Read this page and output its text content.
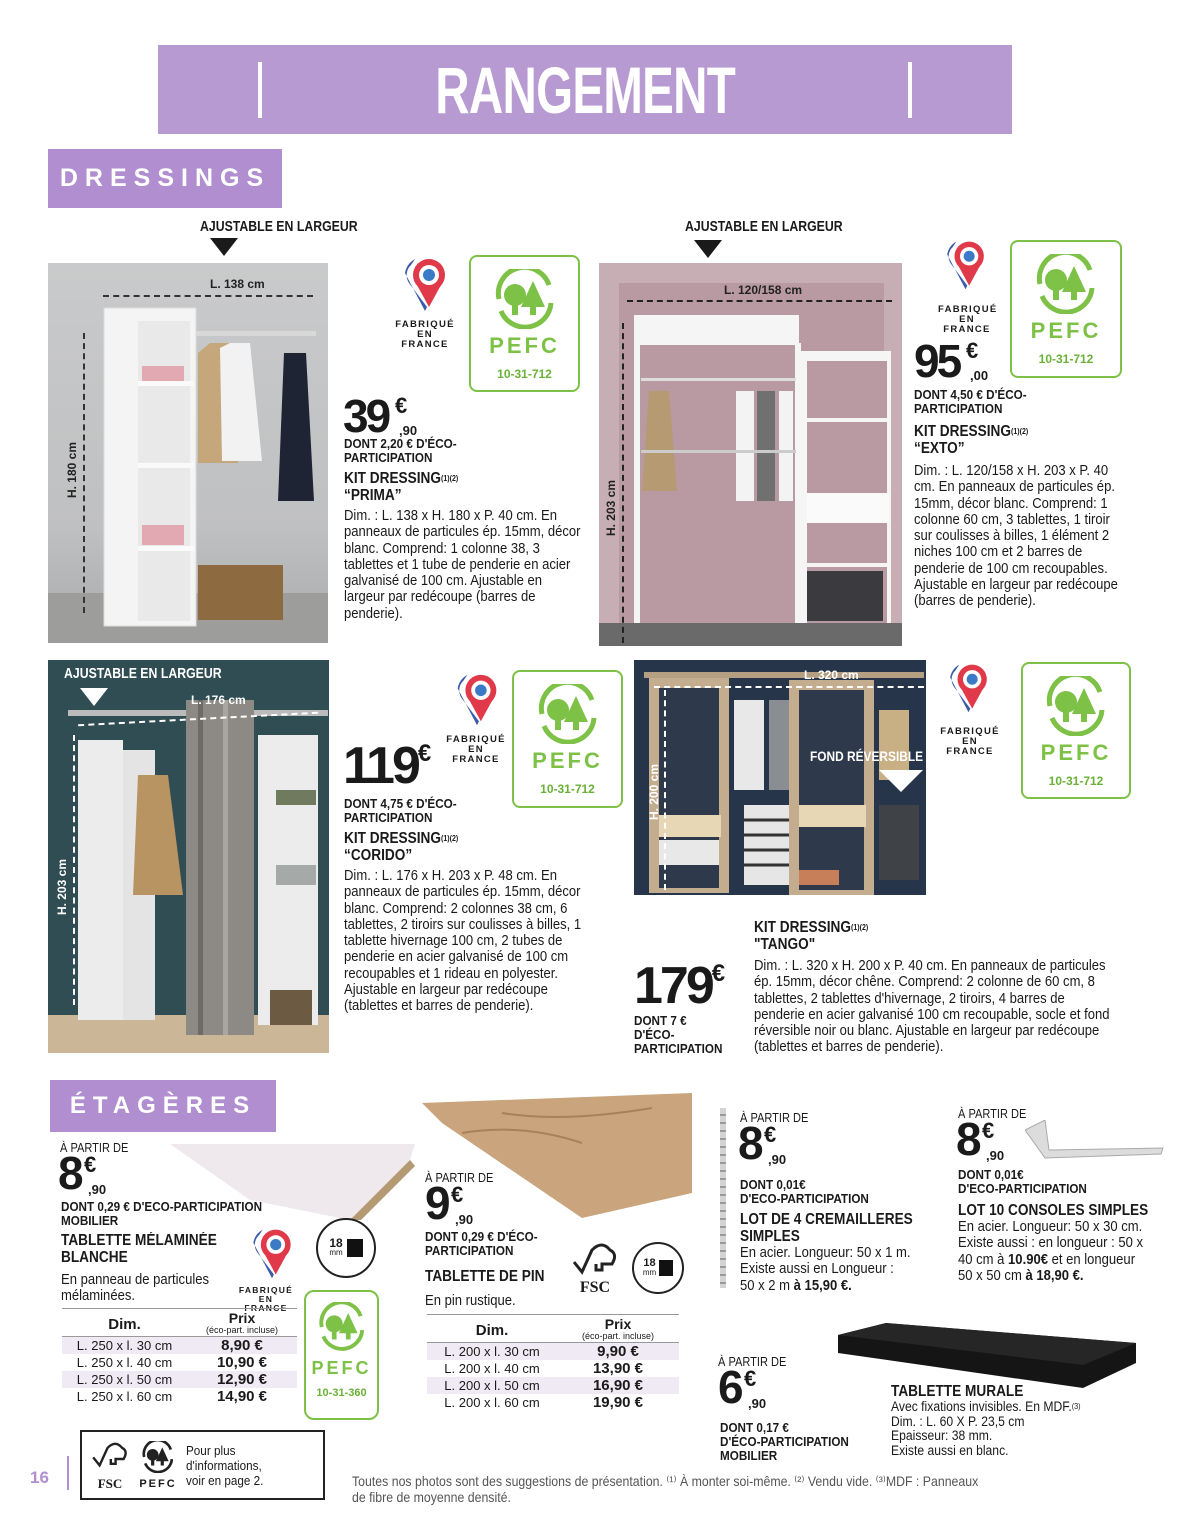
RANGEMENT
DRESSINGS
AJUSTABLE EN LARGEUR
L. 138 cm
H. 180 cm
FABRIQUÉ
EN FRANCE PEFC
10-31-712
39 €
,90
DONT 2,20 € D'ÉCO-PARTICIPATION
KIT $DRESSING^{(1)(2)}$
“PRIMA”
Dim. : L. 138 x H. 180 x P. 40 cm. En panneaux de particules ép. 15mm, décor blanc. Comprend: 1 colonne 38, 3 tablettes et 1 tube de penderie en acier galvanisé de 100 cm. Ajustable en largeur par redécoupe (barres de penderie).
AJUSTABLE EN LARGEUR
L. 120/158 cm
H. 203 cm
FABRIQUÉ
EN FRANCE PEFC
10-31-712
95 €
,00
DONT 4,50 € D'ÉCO-PARTICIPATION
KIT $DRESSING^{(1)(2)}$
“EXTO”
Dim. : L. 120/158 x H. 203 x P. 40 cm. En panneaux de particules ép. 15mm, décor blanc. Comprend: 1 colonne 60 cm, 3 tablettes, 1 tiroir sur coulisses à billes, 1 élément 2 niches 100 cm et 2 barres de penderie de 100 cm recoupables. Ajustable en largeur par redécoupe (barres de penderie).
AJUSTABLE EN LARGEUR
L. 176 cm
H. 203 cm
FABRIQUÉ
EN FRANCE PEFC
10-31-712
119€
DONT 4,75 € D'ÉCO-PARTICIPATION
KIT $DRESSING^{(1)(2)}$
“CORIDO”
Dim. : L. 176 x H. 203 x P. 48 cm. En panneaux de particules ép. 15mm, décor blanc. Comprend: 2 colonnes 38 cm, 6 tablettes, 2 tiroirs sur coulisses à billes, 1 tablette hivernage 100 cm, 2 tubes de penderie en acier galvanisé de 100 cm recoupables et 1 rideau en polyester. Ajustable en largeur par redécoupe (tablettes et barres de penderie).
L. 320 cm
H. 200 cm
FOND RÉVERSIBLE
FABRIQUÉ
EN FRANCE PEFC
10-31-712
KIT $DRESSING^{(1)(2)}$
"TANGO"
Dim. : L. 320 x H. 200 x P. 40 cm. En panneaux de particules ép. 15mm, décor chêne. Comprend: 2 colonne de 60 cm, 8 tablettes, 2 tablettes d'hivernage, 2 tiroirs, 4 barres de penderie en acier galvanisé 100 cm recoupable, socle et fond réversible noir ou blanc. Ajustable en largeur par redécoupe (tablettes et barres de penderie).
179€
DONT 7 € D'ÉCO-PARTICIPATION
ÉTAGÈRES
À PARTIR DE
8 €
,90
DONT 0,29 € D'ECO-PARTICIPATION MOBILIER
TABLETTE MÉLAMINÉE
BLANCHE
En panneau de particules mélaminées.	FABRIQUÉ
EN FRANCE
18
mm
PEFC
10-31-360
Dim.	Prix
(éco-part. incluse)

L. 250 x l. 30 cm	8,90 €
L. 250 x l. 40 cm	10,90 €
L. 250 x l. 50 cm	12,90 €
L. 250 x l. 60 cm	14,90 €
À PARTIR DE
9 €
,90
DONT 0,29 € D'ÉCO-PARTICIPATION
TABLETTE DE PIN
En pin rustique.
FSC
18
mm
Dim.	Prix
(éco-part. incluse)

L. 200 x l. 30 cm	9,90 €
L. 200 x l. 40 cm	13,90 €
L. 200 x l. 50 cm	16,90 €
L. 200 x l. 60 cm	19,90 €
À PARTIR DE
8 €
,90
DONT 0,01€
D'ECO-PARTICIPATION
LOT DE 4 CREMAILLERES
SIMPLES
En acier. Longueur: 50 x 1 m.
Existe aussi en Longueur :
50 x 2 m à 15,90 €.
À PARTIR DE
8 €
,90
DONT 0,01€
D'ECO-PARTICIPATION
LOT 10 CONSOLES SIMPLES
En acier. Longueur: 50 x 30 cm.
Existe aussi : en longueur : 50 x
40 cm à 10.90€ et en longueur
50 x 50 cm à 18,90 €.
À PARTIR DE
6 €
,90
DONT 0,17 €
D'ÉCO-PARTICIPATION
MOBILIER
TABLETTE MURALE
Avec fixations invisibles. En MDF.$^{(3)}$
Dim. : L. 60 X P. 23,5 cm
Epaisseur: 38 mm.
Existe aussi en blanc.
16	FSC	PEFC
Pour plus d'informations, voir en page 2.	Toutes nos photos sont des suggestions de présentation. ⁽¹⁾ À monter soi-même. ⁽²⁾ Vendu vide. ⁽³⁾MDF : Panneaux
de fibre de moyenne densité.
